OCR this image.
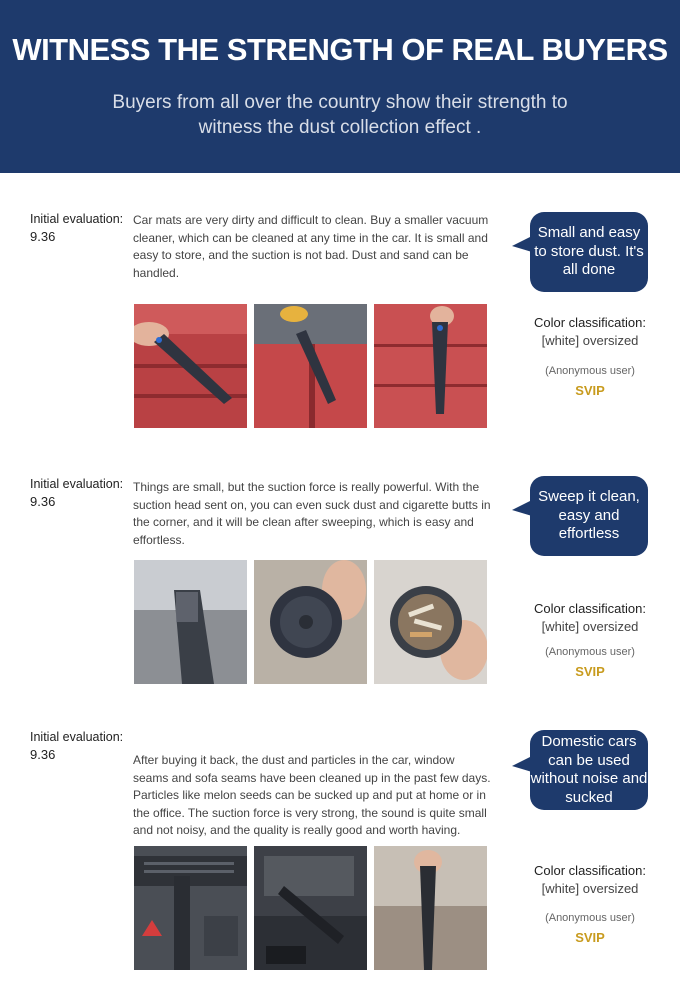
WITNESS THE STRENGTH OF REAL BUYERS

Buyers from all over the country show their strength to witness the dust collection effect .

Initial evaluation:
9.36
Car mats are very dirty and difficult to clean. Buy a smaller vacuum cleaner, which can be cleaned at any time in the car. It is small and easy to store, and the suction is not bad. Dust and sand can be handled.
Small and easy to store dust. It's all done
Color classification:
[white] oversized
(Anonymous user)
SVIP
Initial evaluation:
9.36
Things are small, but the suction force is really powerful. With the suction head sent on, you can even suck dust and cigarette butts in the corner, and it will be clean after sweeping, which is easy and effortless.
Sweep it clean, easy and effortless
Color classification:
[white] oversized
(Anonymous user)
SVIP
Initial evaluation:
9.36	After buying it back, the dust and particles in the car, window seams and sofa seams have been cleaned up in the past few days. Particles like melon seeds can be sucked up and put at home or in the office. The suction force is very strong, the sound is quite small and not noisy, and the quality is really good and worth having.
Domestic cars can be used without noise and sucked
Color classification:
[white] oversized
(Anonymous user)
SVIP
